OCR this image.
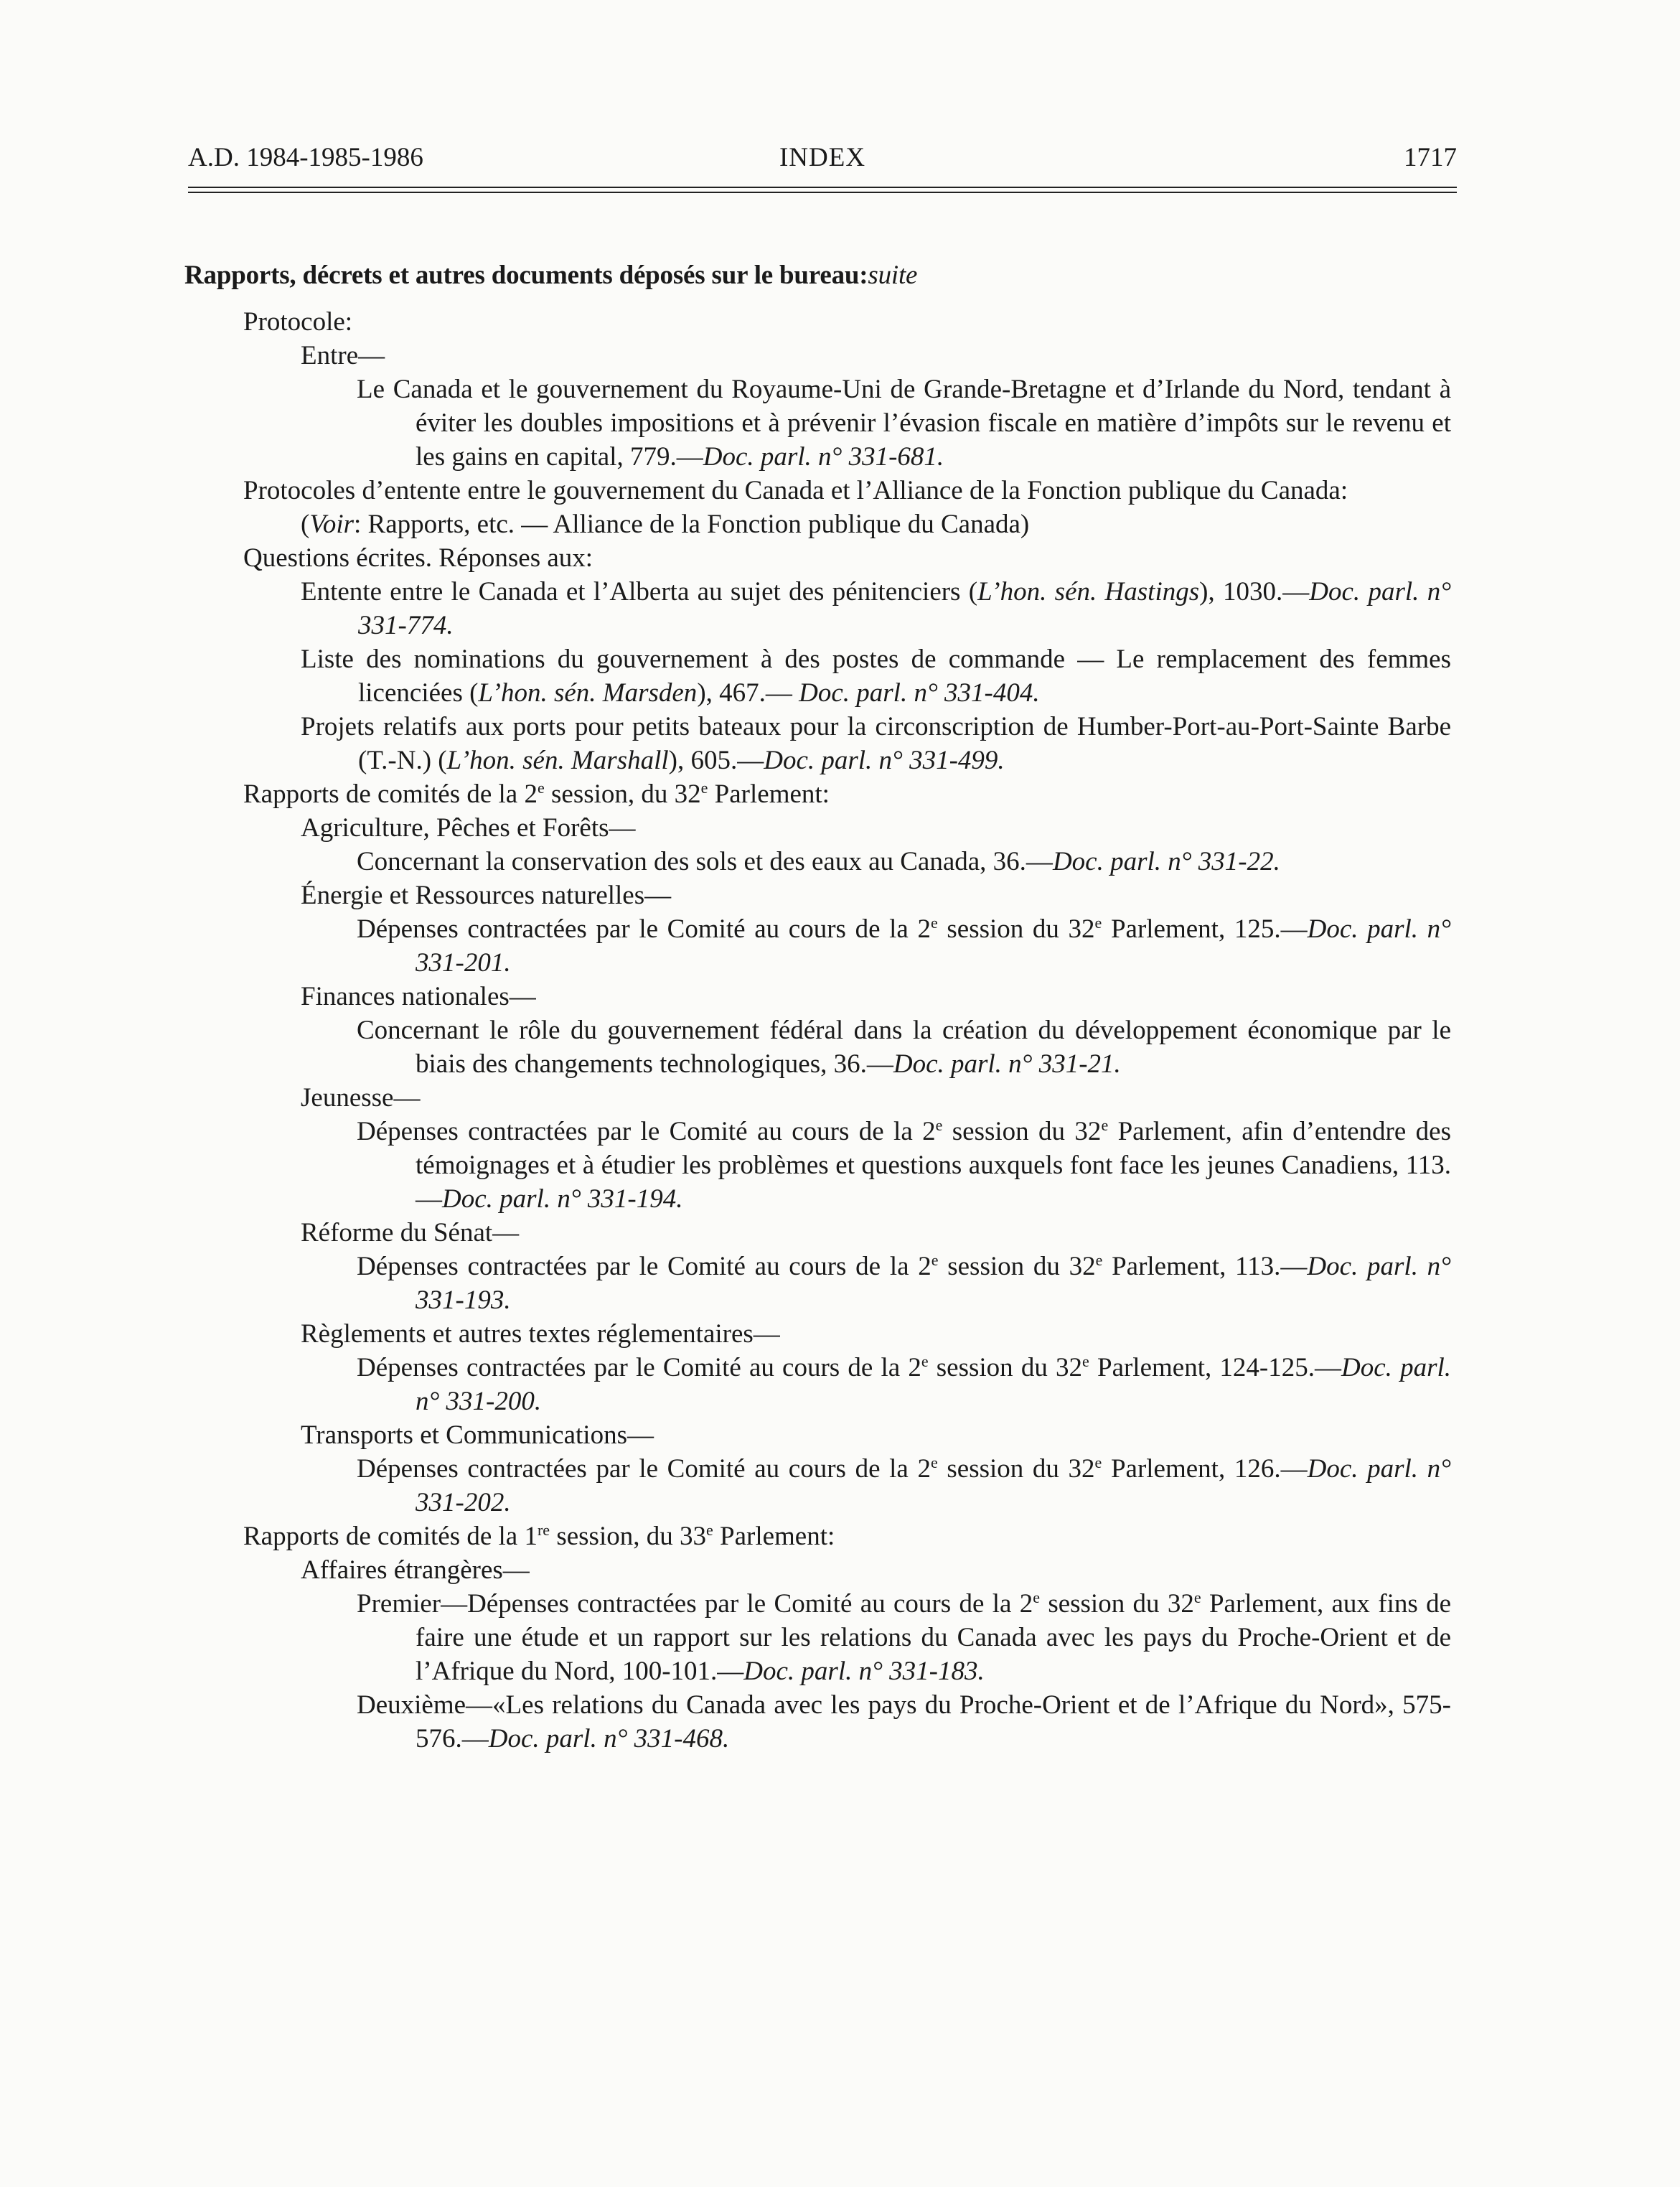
A.D. 1984-1985-1986	INDEX	1717
Rapports, décrets et autres documents déposés sur le bureau:suite
Protocole:
Entre—
Le Canada et le gouvernement du Royaume-Uni de Grande-Bretagne et d’Irlande du Nord, tendant à éviter les doubles impositions et à prévenir l’évasion fiscale en matière d’impôts sur le revenu et les gains en capital, 779.—Doc. parl. n° 331-681.
Protocoles d’entente entre le gouvernement du Canada et l’Alliance de la Fonction publique du Canada:
(Voir: Rapports, etc. — Alliance de la Fonction publique du Canada)
Questions écrites. Réponses aux:
Entente entre le Canada et l’Alberta au sujet des pénitenciers (L’hon. sén. Hastings), 1030.—Doc. parl. n° 331-774.
Liste des nominations du gouvernement à des postes de commande — Le remplacement des femmes licenciées (L’hon. sén. Marsden), 467.— Doc. parl. n° 331-404.
Projets relatifs aux ports pour petits bateaux pour la circonscription de Humber-Port-au-Port-Sainte Barbe (T.-N.) (L’hon. sén. Marshall), 605.—Doc. parl. n° 331-499.
Rapports de comités de la 2e session, du 32e Parlement:
Agriculture, Pêches et Forêts—
Concernant la conservation des sols et des eaux au Canada, 36.—Doc. parl. n° 331-22.
Énergie et Ressources naturelles—
Dépenses contractées par le Comité au cours de la 2e session du 32e Parlement, 125.—Doc. parl. n° 331-201.
Finances nationales—
Concernant le rôle du gouvernement fédéral dans la création du développement économique par le biais des changements technologiques, 36.—Doc. parl. n° 331-21.
Jeunesse—
Dépenses contractées par le Comité au cours de la 2e session du 32e Parlement, afin d’entendre des témoignages et à étudier les problèmes et questions auxquels font face les jeunes Canadiens, 113.—Doc. parl. n° 331-194.
Réforme du Sénat—
Dépenses contractées par le Comité au cours de la 2e session du 32e Parlement, 113.—Doc. parl. n° 331-193.
Règlements et autres textes réglementaires—
Dépenses contractées par le Comité au cours de la 2e session du 32e Parlement, 124-125.—Doc. parl. n° 331-200.
Transports et Communications—
Dépenses contractées par le Comité au cours de la 2e session du 32e Parlement, 126.—Doc. parl. n° 331-202.
Rapports de comités de la 1re session, du 33e Parlement:
Affaires étrangères—
Premier—Dépenses contractées par le Comité au cours de la 2e session du 32e Parlement, aux fins de faire une étude et un rapport sur les relations du Canada avec les pays du Proche-Orient et de l’Afrique du Nord, 100-101.—Doc. parl. n° 331-183.
Deuxième—«Les relations du Canada avec les pays du Proche-Orient et de l’Afrique du Nord», 575-576.—Doc. parl. n° 331-468.
